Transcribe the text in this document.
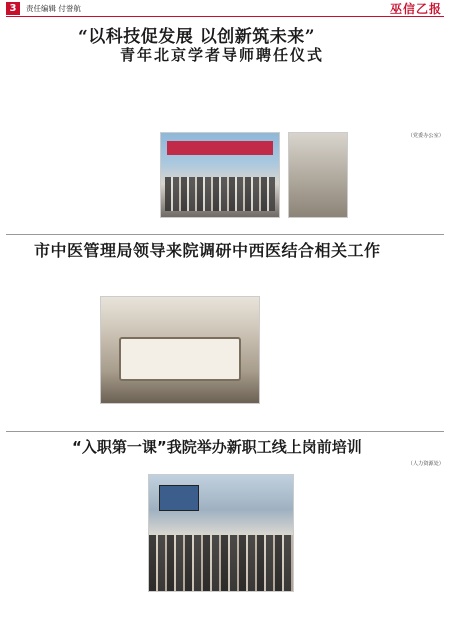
3	责任编辑 付誉航	巫信乙报
“以科技促发展 以创新筑未来”
青年北京学者导师聘任仪式

（党委办公室）

市中医管理局领导来院调研中西医结合相关工作

“入职第一课”我院举办新职工线上岗前培训

（人力资源处）
